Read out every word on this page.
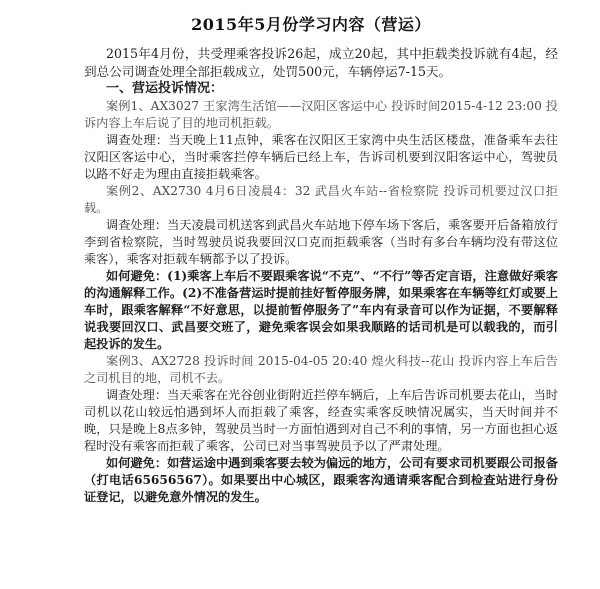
2015年5月份学习内容（营运）

2015年4月份，共受理乘客投诉26起，成立20起，其中拒载类投诉就有4起，经到总公司调查处理全部拒载成立，处罚500元，车辆停运7-15天。

一、营运投诉情况：

案例1、AX3027 王家湾生活馆——汉阳区客运中心 投诉时间2015-4-12 23:00 投诉内容上车后说了目的地司机拒载。

调查处理：当天晚上11点钟，乘客在汉阳区王家湾中央生活区楼盘，准备乘车去往汉阳区客运中心，当时乘客拦停车辆后已经上车，告诉司机要到汉阳客运中心，驾驶员以路不好走为理由直接拒载乘客。

案例2、AX2730 4月6日凌晨4：32 武昌火车站--省检察院 投诉司机要过汉口拒载。

调查处理：当天凌晨司机送客到武昌火车站地下停车场下客后，乘客要开后备箱放行李到省检察院，当时驾驶员说我要回汉口克而拒载乘客（当时有多台车辆均没有带这位乘客），乘客对拒载车辆都予以了投诉。

如何避免：(1)乘客上车后不要跟乘客说“不克”、“不行”等否定言语，注意做好乘客的沟通解释工作。(2)不准备营运时提前挂好暂停服务牌，如果乘客在车辆等红灯或要上车时，跟乘客解释“不好意思，以提前暂停服务了”车内有录音可以作为证据，不要解释说我要回汉口、武昌要交班了，避免乘客误会如果我顺路的话司机是可以载我的，而引起投诉的发生。

案例3、AX2728 投诉时间 2015-04-05 20:40 煌火科技--花山 投诉内容上车后告之司机目的地，司机不去。

调查处理：当天乘客在光谷创业街附近拦停车辆后，上车后告诉司机要去花山，当时司机以花山较远怕遇到坏人而拒载了乘客，经查实乘客反映情况属实，当天时间并不晚，只是晚上8点多钟，驾驶员当时一方面怕遇到对自己不利的事情，另一方面也担心返程时没有乘客而拒载了乘客，公司已对当事驾驶员予以了严肃处理。

如何避免：如营运途中遇到乘客要去较为偏远的地方，公司有要求司机要跟公司报备（打电话65656567）。如果要出中心城区，跟乘客沟通请乘客配合到检查站进行身份证登记，以避免意外情况的发生。
